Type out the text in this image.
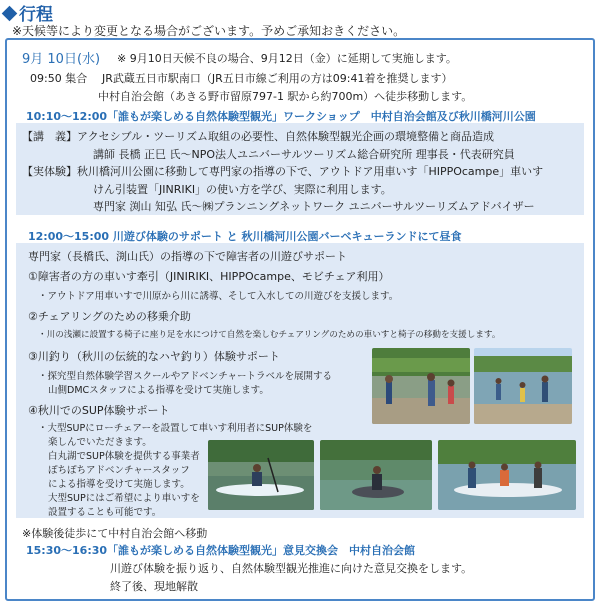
行程
※天候等により変更となる場合がございます。予めご承知おきください。
9月 10日(水) ※ 9月10日天候不良の場合、9月12日（金）に延期して実施します。
09:50 集合 JR武蔵五日市駅南口（JR五日市線ご利用の方は09:41着を推奨します）
中村自治会館（あきる野市留原797-1 駅から約700m）へ徒歩移動します。
10:10～12:00「誰もが楽しめる自然体験型観光」ワークショップ　中村自治会館及び秋川橋河川公園
【講　義】アクセシブル・ツーリズム取組の必要性、自然体験型観光企画の環境整備と商品造成
講師 長橋 正巳 氏～NPO法人ユニバーサルツーリズム総合研究所 理事長・代表研究員
【実体験】秋川橋河川公園に移動して専門家の指導の下で、アウトドア用車いす「HIPPOcampe」車いす
けん引装置「JINRIKI」の使い方を学び、実際に利用します。
専門家 渕山 知弘 氏～㈱プランニングネットワーク ユニバーサルツーリズムアドバイザー
12:00～15:00 川遊び体験のサポート と 秋川橋河川公園バーベキューランドにて昼食
専門家（長橋氏、渕山氏）の指導の下で障害者の川遊びサポート
①障害者の方の車いす牽引（JINIRIKI、HIPPOcampe、モビチェア利用）
・アウトドア用車いすで川原から川に誘導、そして入水しての川遊びを支援します。
②チェアリングのための移乗介助
・川の浅瀬に設置する椅子に座り足を水につけて自然を楽しむチェアリングのための車いすと椅子の移動を支援します。
③川釣り（秋川の伝統的なハヤ釣り）体験サポート
・探究型自然体験学習スクールやアドベンチャートラベルを展開する
山側DMCスタッフによる指導を受けて実施します。
④秋川でのSUP体験サポート
・大型SUPにローチェアーを設置して車いす利用者にSUP体験を
楽しんでいただきます。
白丸湖でSUP体験を提供する事業者
ぽちぽちアドベンチャースタッフ
による指導を受けて実施します。
大型SUPにはご希望により車いすを
設置することも可能です。
※体験後徒歩にて中村自治会館へ移動
15:30～16:30「誰もが楽しめる自然体験型観光」意見交換会　中村自治会館
川遊び体験を振り返り、自然体験型観光推進に向けた意見交換をします。
終了後、現地解散
